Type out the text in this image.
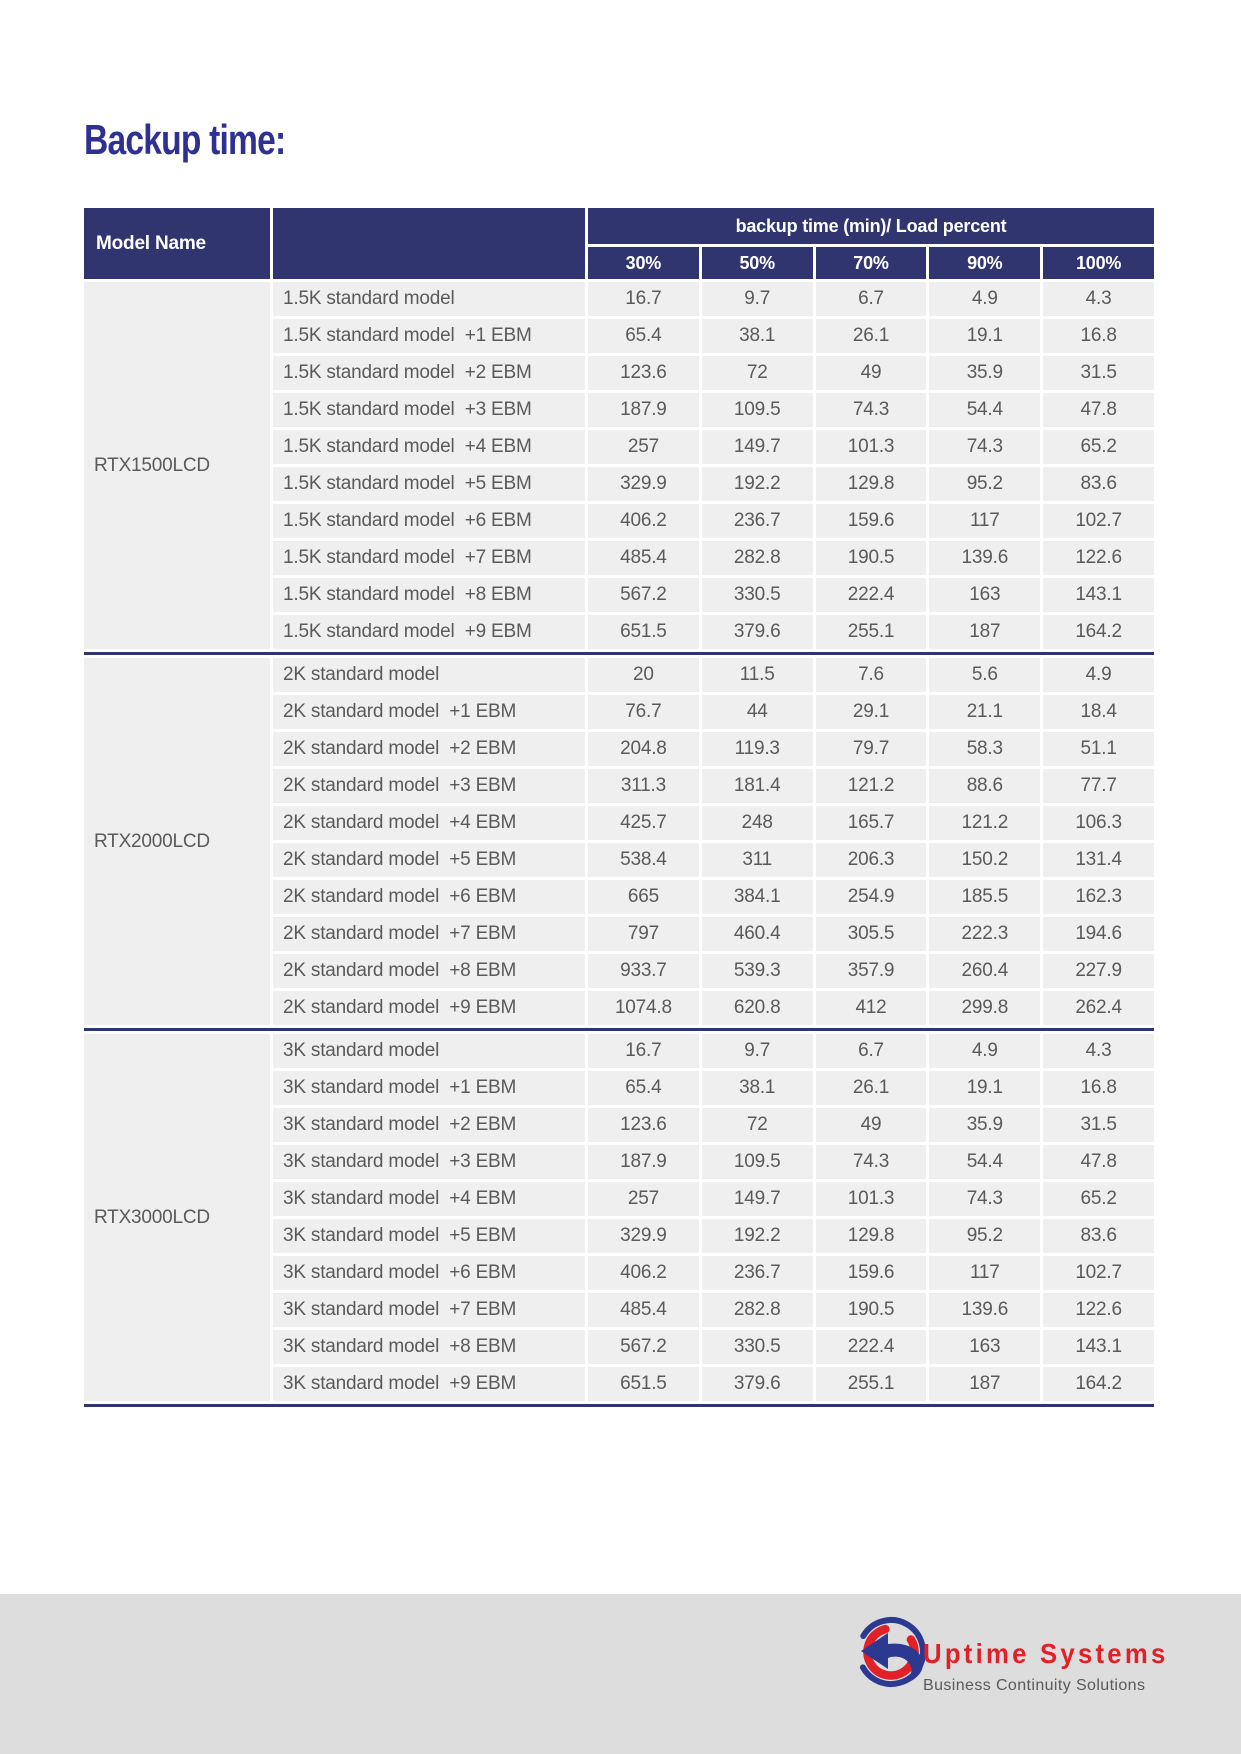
Backup time:
Model Name
backup time (min)/ Load percent
30%	50%	70%	90%	100%
RTX1500LCD
1.5K standard model	16.7	9.7	6.7	4.9	4.3
1.5K standard model  +1 EBM	65.4	38.1	26.1	19.1	16.8
1.5K standard model  +2 EBM	123.6	72	49	35.9	31.5
1.5K standard model  +3 EBM	187.9	109.5	74.3	54.4	47.8
1.5K standard model  +4 EBM	257	149.7	101.3	74.3	65.2
1.5K standard model  +5 EBM	329.9	192.2	129.8	95.2	83.6
1.5K standard model  +6 EBM	406.2	236.7	159.6	117	102.7
1.5K standard model  +7 EBM	485.4	282.8	190.5	139.6	122.6
1.5K standard model  +8 EBM	567.2	330.5	222.4	163	143.1
1.5K standard model  +9 EBM	651.5	379.6	255.1	187	164.2
RTX2000LCD
2K standard model	20	11.5	7.6	5.6	4.9
2K standard model  +1 EBM	76.7	44	29.1	21.1	18.4
2K standard model  +2 EBM	204.8	119.3	79.7	58.3	51.1
2K standard model  +3 EBM	311.3	181.4	121.2	88.6	77.7
2K standard model  +4 EBM	425.7	248	165.7	121.2	106.3
2K standard model  +5 EBM	538.4	311	206.3	150.2	131.4
2K standard model  +6 EBM	665	384.1	254.9	185.5	162.3
2K standard model  +7 EBM	797	460.4	305.5	222.3	194.6
2K standard model  +8 EBM	933.7	539.3	357.9	260.4	227.9
2K standard model  +9 EBM	1074.8	620.8	412	299.8	262.4
RTX3000LCD
3K standard model	16.7	9.7	6.7	4.9	4.3
3K standard model  +1 EBM	65.4	38.1	26.1	19.1	16.8
3K standard model  +2 EBM	123.6	72	49	35.9	31.5
3K standard model  +3 EBM	187.9	109.5	74.3	54.4	47.8
3K standard model  +4 EBM	257	149.7	101.3	74.3	65.2
3K standard model  +5 EBM	329.9	192.2	129.8	95.2	83.6
3K standard model  +6 EBM	406.2	236.7	159.6	117	102.7
3K standard model  +7 EBM	485.4	282.8	190.5	139.6	122.6
3K standard model  +8 EBM	567.2	330.5	222.4	163	143.1
3K standard model  +9 EBM	651.5	379.6	255.1	187	164.2
Uptime Systems
Business Continuity Solutions
